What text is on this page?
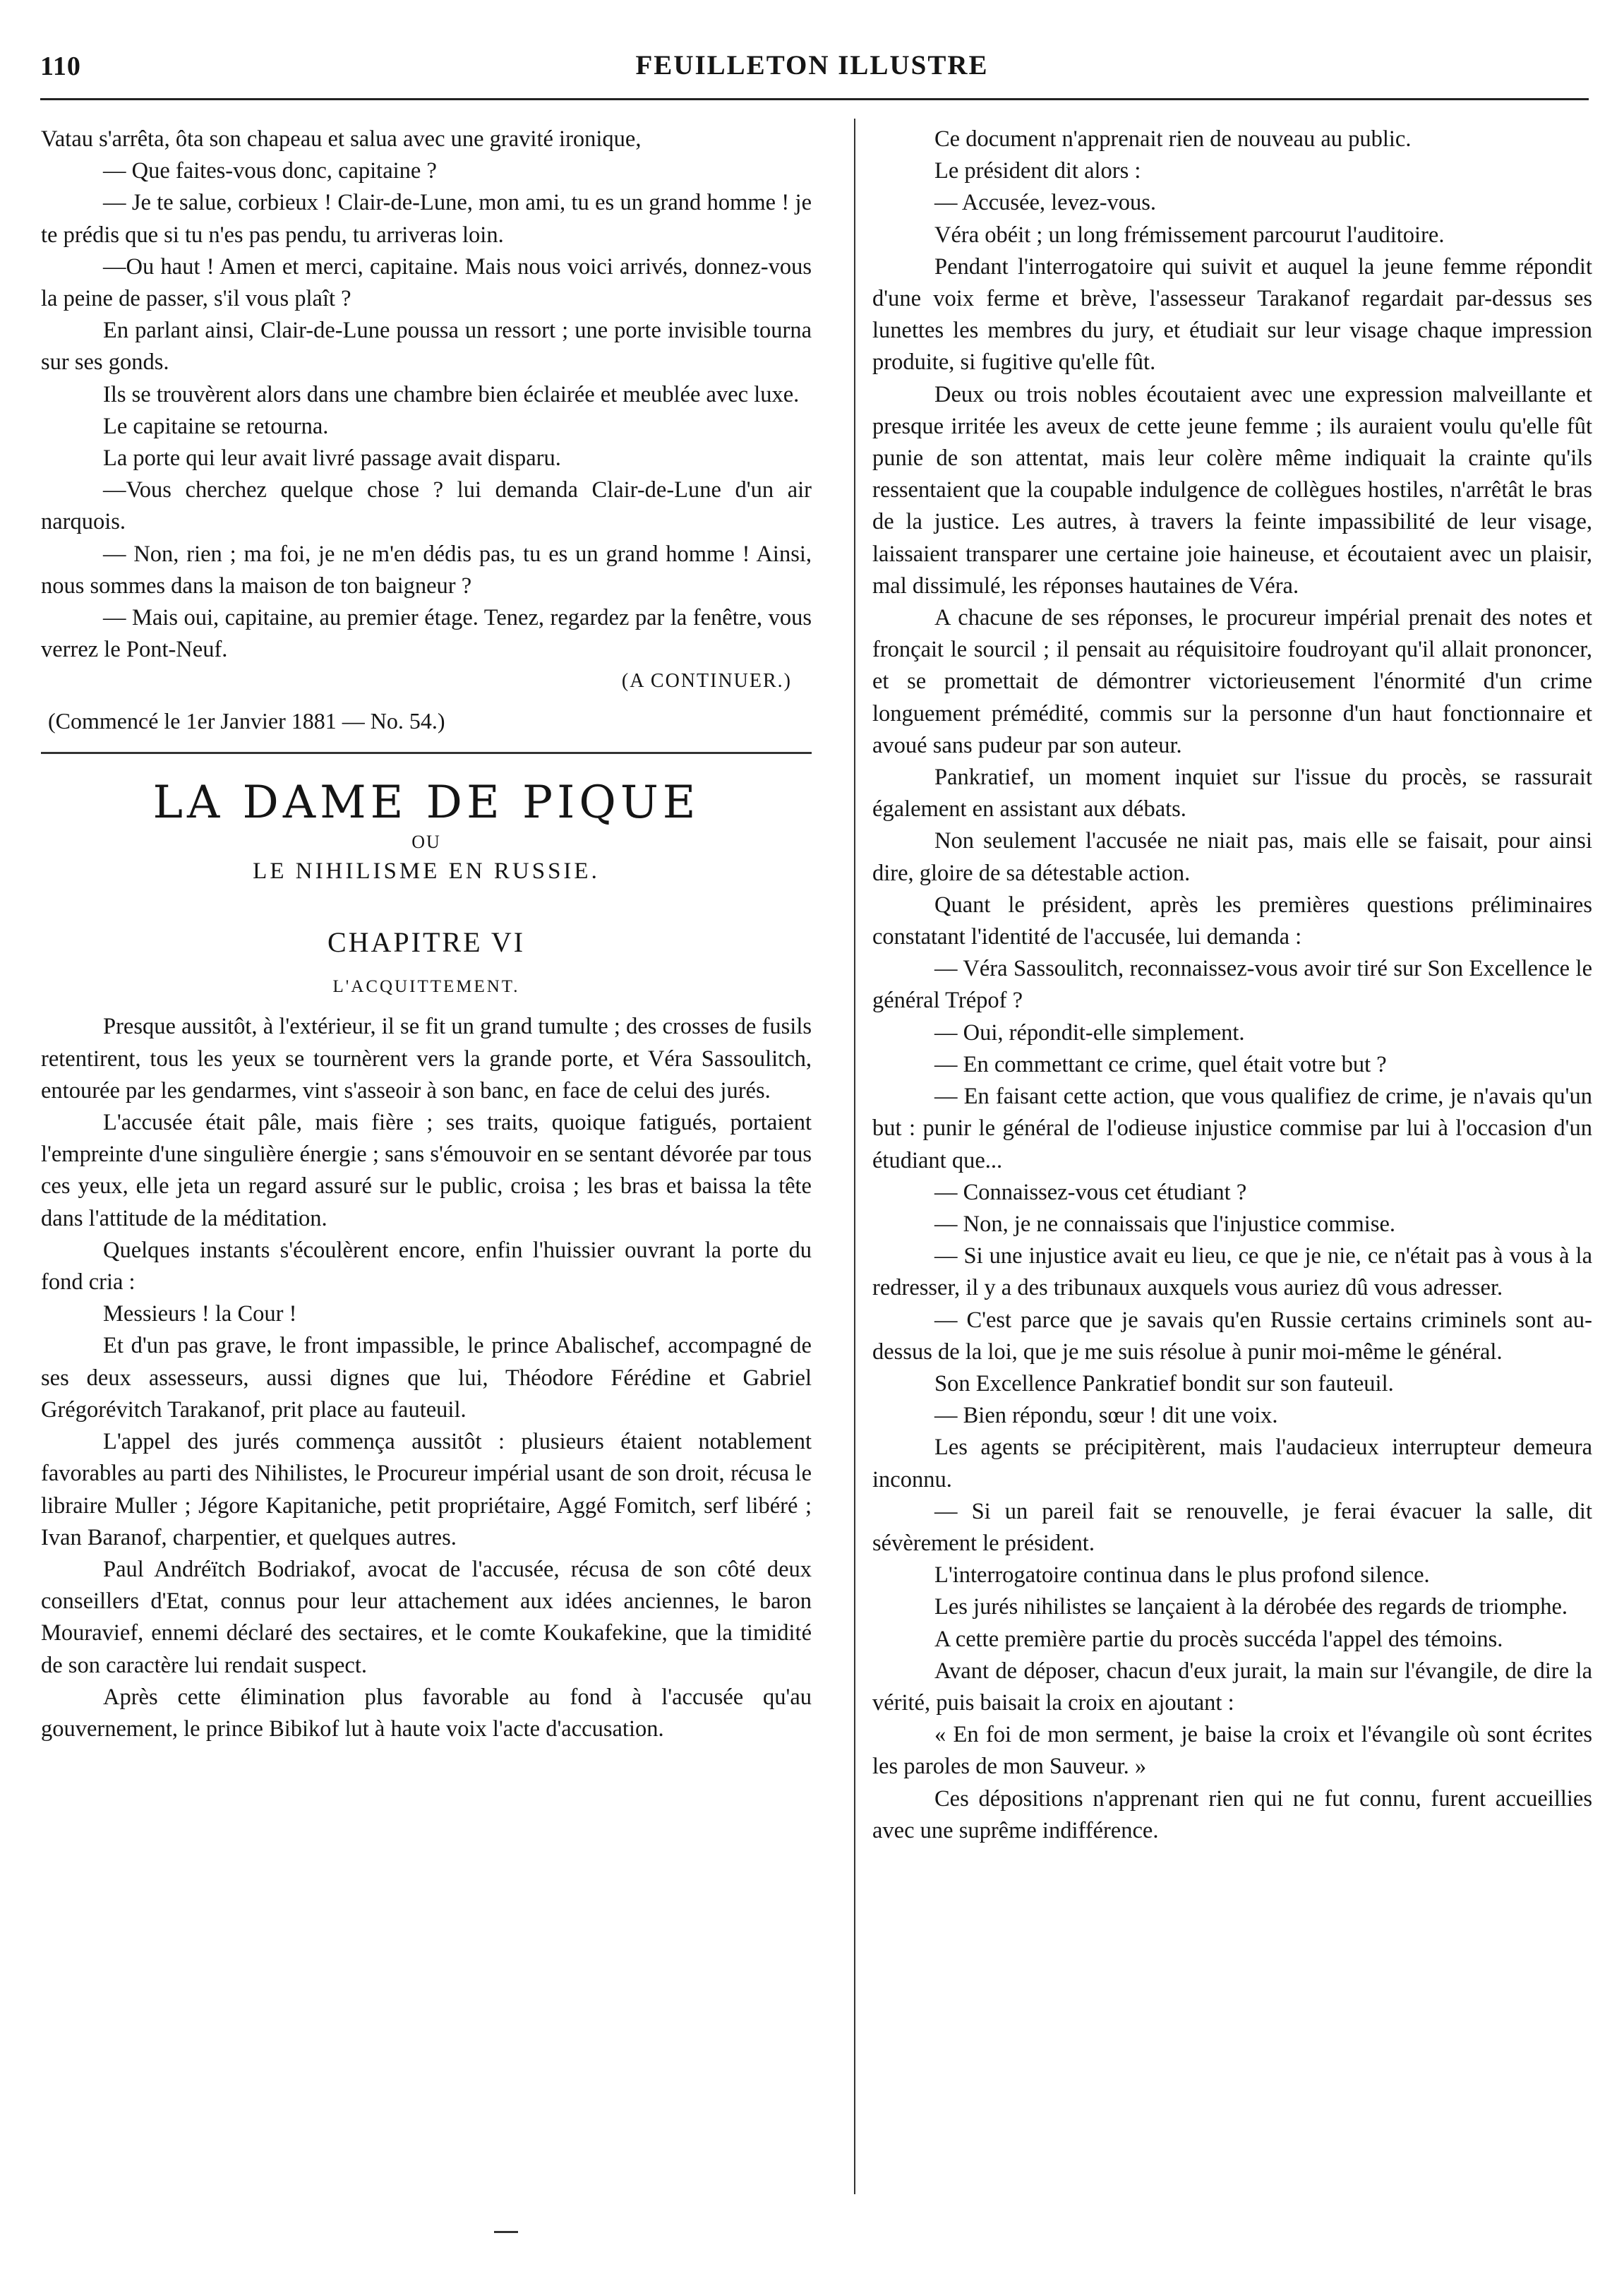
110	FEUILLETON ILLUSTRE

Vatau s'arrêta, ôta son chapeau et salua avec une gravité ironique,

— Que faites-vous donc, capitaine ?

— Je te salue, corbieux ! Clair-de-Lune, mon ami, tu es un grand homme ! je te prédis que si tu n'es pas pendu, tu arriveras loin.

—Ou haut ! Amen et merci, capitaine. Mais nous voici arrivés, donnez-vous la peine de passer, s'il vous plaît ?

En parlant ainsi, Clair-de-Lune poussa un ressort ; une porte invisible tourna sur ses gonds.

Ils se trouvèrent alors dans une chambre bien éclairée et meublée avec luxe.

Le capitaine se retourna.

La porte qui leur avait livré passage avait disparu.

—Vous cherchez quelque chose ? lui demanda Clair-de-Lune d'un air narquois.

— Non, rien ; ma foi, je ne m'en dédis pas, tu es un grand homme ! Ainsi, nous sommes dans la maison de ton baigneur ?

— Mais oui, capitaine, au premier étage. Tenez, regardez par la fenêtre, vous verrez le Pont-Neuf.

(A CONTINUER.)
(Commencé le 1er Janvier 1881 — No. 54.)
LA DAME DE PIQUE
OU
LE NIHILISME EN RUSSIE.
CHAPITRE VI
L'ACQUITTEMENT.

Presque aussitôt, à l'extérieur, il se fit un grand tumulte ; des crosses de fusils retentirent, tous les yeux se tournèrent vers la grande porte, et Véra Sassoulitch, entourée par les gendarmes, vint s'asseoir à son banc, en face de celui des jurés.

L'accusée était pâle, mais fière ; ses traits, quoique fatigués, portaient l'empreinte d'une singulière énergie ; sans s'émouvoir en se sentant dévorée par tous ces yeux, elle jeta un regard assuré sur le public, croisa ; les bras et baissa la tête dans l'attitude de la méditation.

Quelques instants s'écoulèrent encore, enfin l'huissier ouvrant la porte du fond cria :

Messieurs ! la Cour !

Et d'un pas grave, le front impassible, le prince Abalischef, accompagné de ses deux assesseurs, aussi dignes que lui, Théodore Férédine et Gabriel Grégorévitch Tarakanof, prit place au fauteuil.

L'appel des jurés commença aussitôt : plusieurs étaient notablement favorables au parti des Nihilistes, le Procureur impérial usant de son droit, récusa le libraire Muller ; Jégore Kapitaniche, petit propriétaire, Aggé Fomitch, serf libéré ; Ivan Baranof, charpentier, et quelques autres.

Paul Andréïtch Bodriakof, avocat de l'accusée, récusa de son côté deux conseillers d'Etat, connus pour leur attachement aux idées anciennes, le baron Mouravief, ennemi déclaré des sectaires, et le comte Koukafekine, que la timidité de son caractère lui rendait suspect.

Après cette élimination plus favorable au fond à l'accusée qu'au gouvernement, le prince Bibikof lut à haute voix l'acte d'accusation.

Ce document n'apprenait rien de nouveau au public.

Le président dit alors :

— Accusée, levez-vous.

Véra obéit ; un long frémissement parcourut l'auditoire.

Pendant l'interrogatoire qui suivit et auquel la jeune femme répondit d'une voix ferme et brève, l'assesseur Tarakanof regardait par-dessus ses lunettes les membres du jury, et étudiait sur leur visage chaque impression produite, si fugitive qu'elle fût.

Deux ou trois nobles écoutaient avec une expression malveillante et presque irritée les aveux de cette jeune femme ; ils auraient voulu qu'elle fût punie de son attentat, mais leur colère même indiquait la crainte qu'ils ressentaient que la coupable indulgence de collègues hostiles, n'arrêtât le bras de la justice. Les autres, à travers la feinte impassibilité de leur visage, laissaient transparer une certaine joie haineuse, et écoutaient avec un plaisir, mal dissimulé, les réponses hautaines de Véra.

A chacune de ses réponses, le procureur impérial prenait des notes et fronçait le sourcil ; il pensait au réquisitoire foudroyant qu'il allait prononcer, et se promettait de démontrer victorieusement l'énormité d'un crime longuement prémédité, commis sur la personne d'un haut fonctionnaire et avoué sans pudeur par son auteur.

Pankratief, un moment inquiet sur l'issue du procès, se rassurait également en assistant aux débats.

Non seulement l'accusée ne niait pas, mais elle se faisait, pour ainsi dire, gloire de sa détestable action.

Quant le président, après les premières questions préliminaires constatant l'identité de l'accusée, lui demanda :

— Véra Sassoulitch, reconnaissez-vous avoir tiré sur Son Excellence le général Trépof ?

— Oui, répondit-elle simplement.

— En commettant ce crime, quel était votre but ?

— En faisant cette action, que vous qualifiez de crime, je n'avais qu'un but : punir le général de l'odieuse injustice commise par lui à l'occasion d'un étudiant que...

— Connaissez-vous cet étudiant ?

— Non, je ne connaissais que l'injustice commise.

— Si une injustice avait eu lieu, ce que je nie, ce n'était pas à vous à la redresser, il y a des tribunaux auxquels vous auriez dû vous adresser.

— C'est parce que je savais qu'en Russie certains criminels sont au-dessus de la loi, que je me suis résolue à punir moi-même le général.

Son Excellence Pankratief bondit sur son fauteuil.

— Bien répondu, sœur ! dit une voix.

Les agents se précipitèrent, mais l'audacieux interrupteur demeura inconnu.

— Si un pareil fait se renouvelle, je ferai évacuer la salle, dit sévèrement le président.

L'interrogatoire continua dans le plus profond silence.

Les jurés nihilistes se lançaient à la dérobée des regards de triomphe.

A cette première partie du procès succéda l'appel des témoins.

Avant de déposer, chacun d'eux jurait, la main sur l'évangile, de dire la vérité, puis baisait la croix en ajoutant :

« En foi de mon serment, je baise la croix et l'évangile où sont écrites les paroles de mon Sauveur. »

Ces dépositions n'apprenant rien qui ne fut connu, furent accueillies avec une suprême indifférence.
